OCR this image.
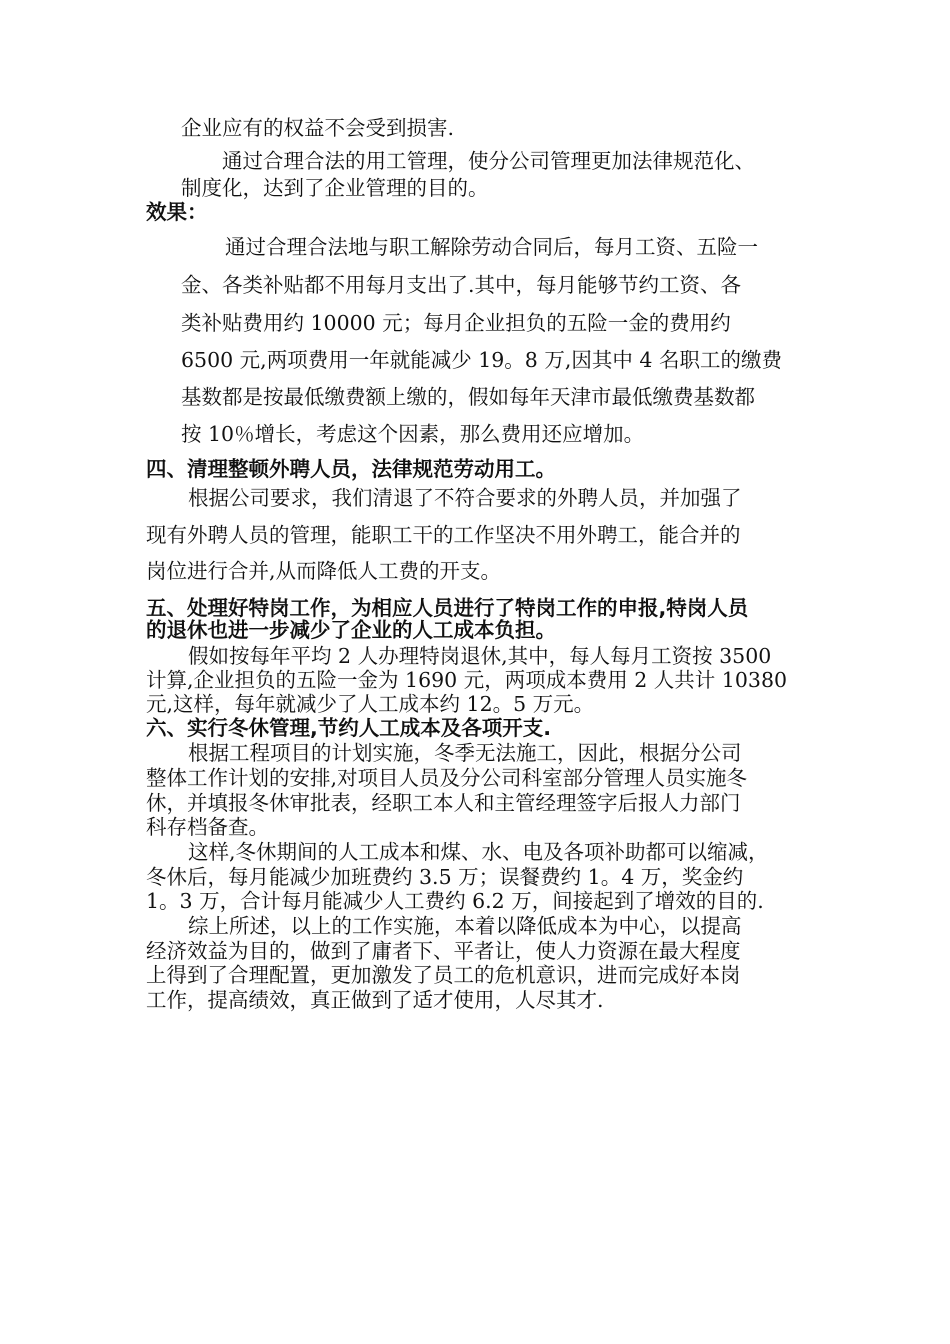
企业应有的权益不会受到损害.
通过合理合法的用工管理，使分公司管理更加法律规范化、
制度化，达到了企业管理的目的。
效果：
通过合理合法地与职工解除劳动合同后，每月工资、五险一
金、各类补贴都不用每月支出了.其中，每月能够节约工资、各
类补贴费用约 10000 元；每月企业担负的五险一金的费用约
6500 元,两项费用一年就能减少 19。8 万,因其中 4 名职工的缴费
基数都是按最低缴费额上缴的，假如每年天津市最低缴费基数都
按 10％增长，考虑这个因素，那么费用还应增加。
四、清理整顿外聘人员，法律规范劳动用工。
根据公司要求，我们清退了不符合要求的外聘人员，并加强了
现有外聘人员的管理，能职工干的工作坚决不用外聘工，能合并的
岗位进行合并,从而降低人工费的开支。
五、处理好特岗工作，为相应人员进行了特岗工作的申报,特岗人员
的退休也进一步减少了企业的人工成本负担。
假如按每年平均 2 人办理特岗退休,其中，每人每月工资按 3500
计算,企业担负的五险一金为 1690 元，两项成本费用 2 人共计 10380
元,这样，每年就减少了人工成本约 12。5 万元。
六、实行冬休管理,节约人工成本及各项开支.
根据工程项目的计划实施，冬季无法施工，因此，根据分公司
整体工作计划的安排,对项目人员及分公司科室部分管理人员实施冬
休，并填报冬休审批表，经职工本人和主管经理签字后报人力部门
科存档备查。
这样,冬休期间的人工成本和煤、水、电及各项补助都可以缩减，
冬休后，每月能减少加班费约 3.5 万；误餐费约 1。4 万，奖金约
1。3 万，合计每月能减少人工费约 6.2 万，间接起到了增效的目的.
综上所述，以上的工作实施，本着以降低成本为中心，以提高
经济效益为目的，做到了庸者下、平者让，使人力资源在最大程度
上得到了合理配置，更加激发了员工的危机意识，进而完成好本岗
工作，提高绩效，真正做到了适才使用，人尽其才.
